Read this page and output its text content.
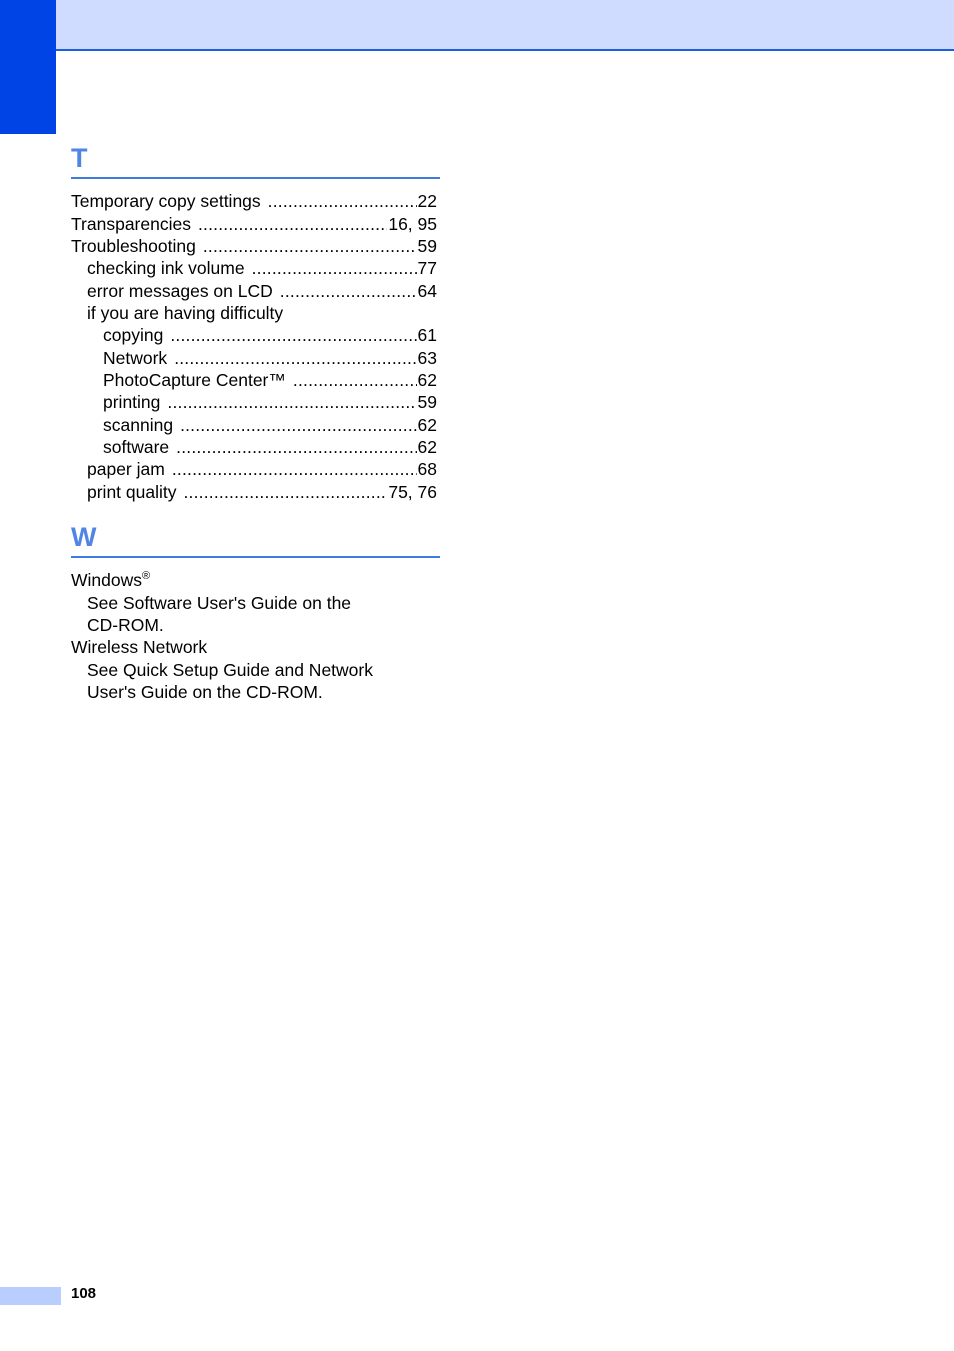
T
Temporary copy settings .....	22
Transparencies .....	16, 95
Troubleshooting .....	59
checking ink volume .....	77
error messages on LCD .....	64
if you are having difficulty
copying .....	61
Network .....	63
PhotoCapture Center™ .....	62
printing .....	59
scanning .....	62
software .....	62
paper jam .....	68
print quality .....	75, 76
W
Windows®
See Software User's Guide on the
CD-ROM.
Wireless Network
See Quick Setup Guide and Network
User's Guide on the CD-ROM.
108
